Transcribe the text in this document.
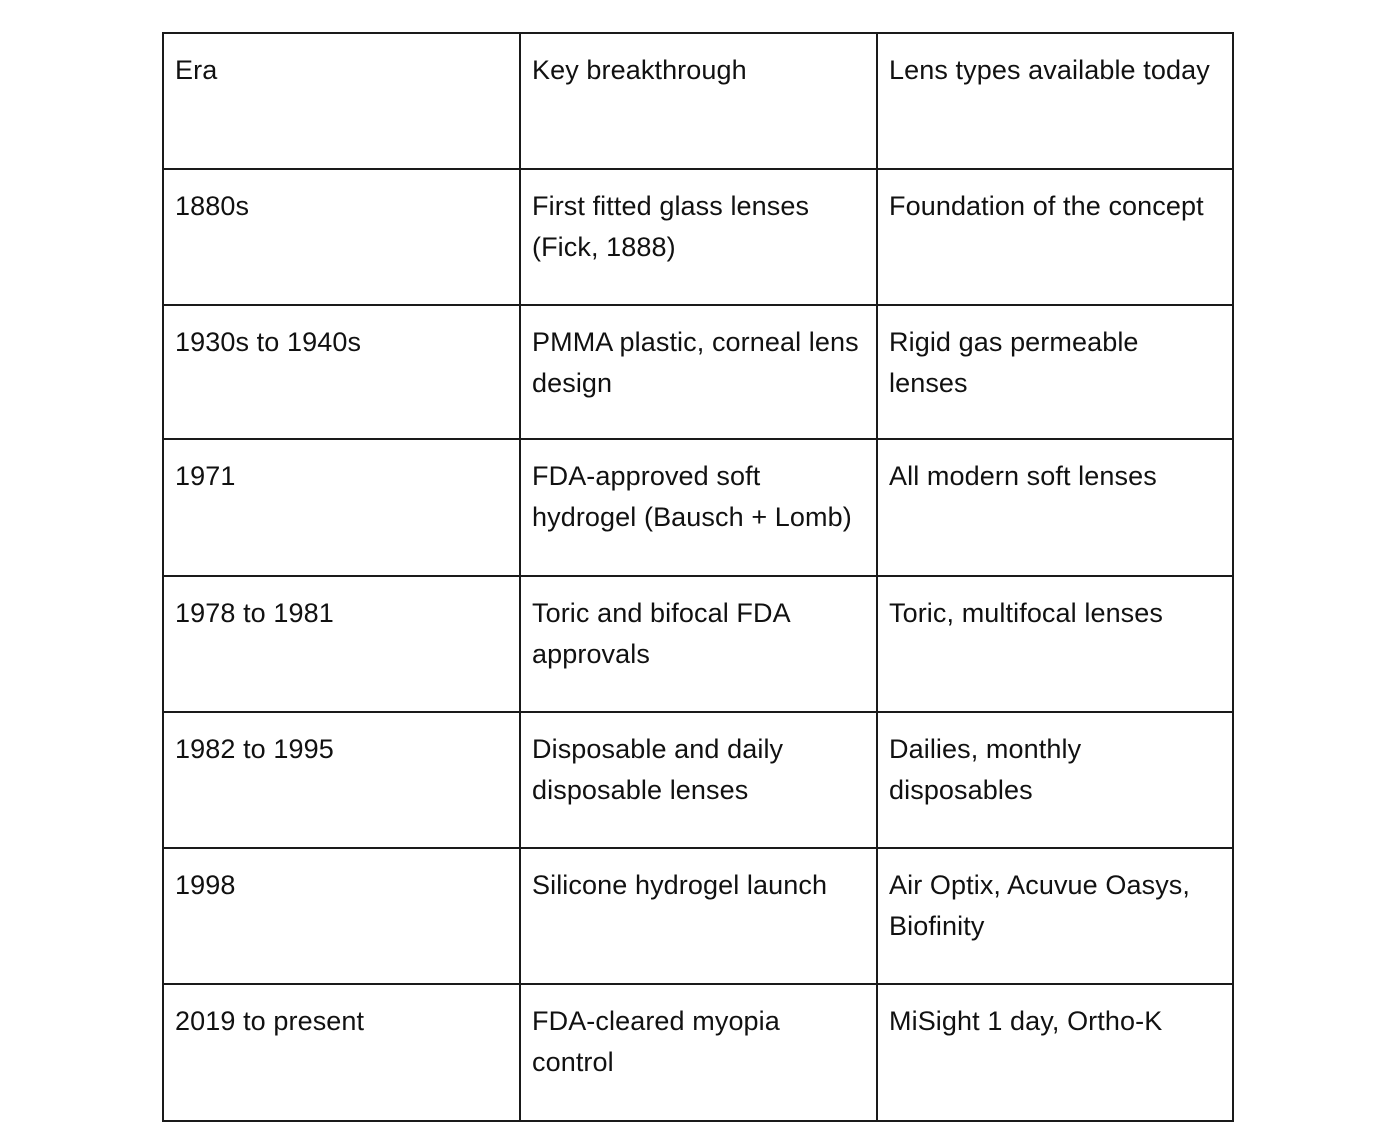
Era	Key breakthrough	Lens types available today
1880s	First fitted glass lenses (Fick, 1888)	Foundation of the concept
1930s to 1940s	PMMA plastic, corneal lens design	Rigid gas permeable lenses
1971	FDA-approved soft hydrogel (Bausch + Lomb)	All modern soft lenses
1978 to 1981	Toric and bifocal FDA approvals	Toric, multifocal lenses
1982 to 1995	Disposable and daily disposable lenses	Dailies, monthly disposables
1998	Silicone hydrogel launch	Air Optix, Acuvue Oasys, Biofinity
2019 to present	FDA-cleared myopia control	MiSight 1 day, Ortho-K
